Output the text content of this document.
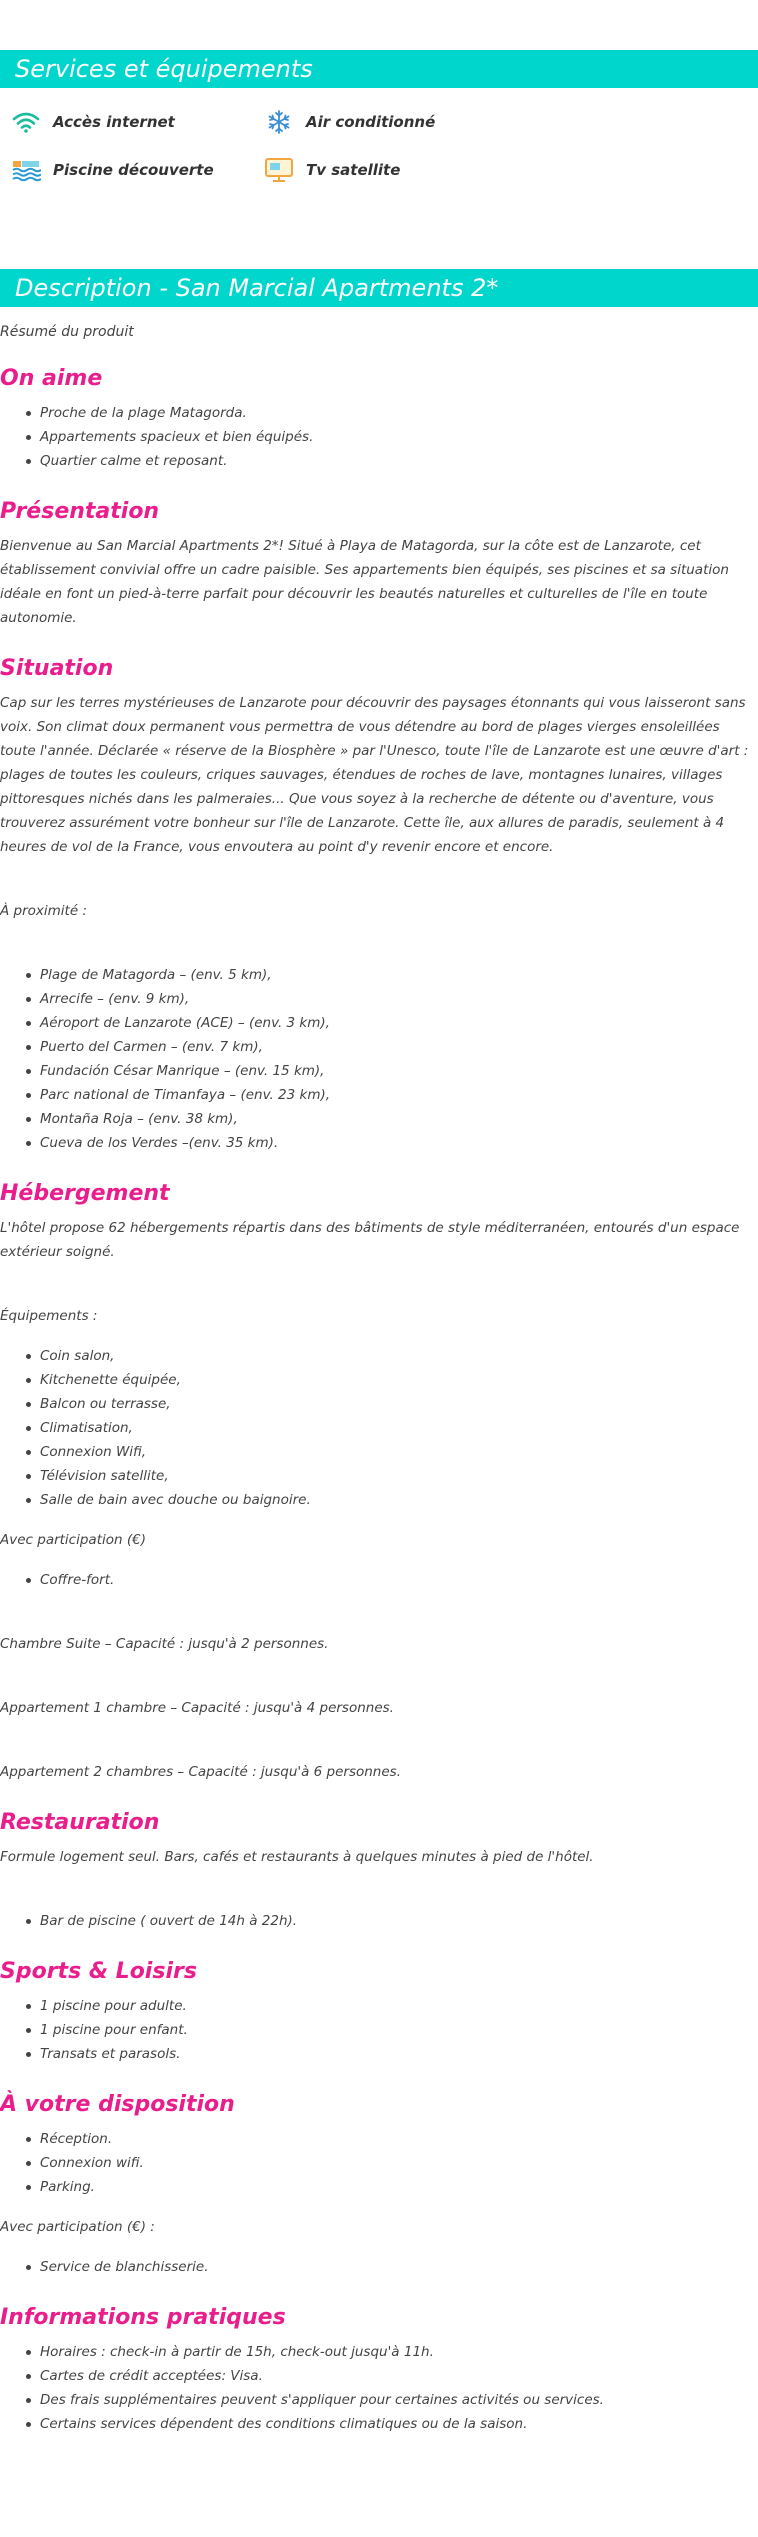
Services et équipements
Accès internet	Air conditionné
Piscine découverte	Tv satellite
Description - San Marcial Apartments 2*
Résumé du produit
On aime
Proche de la plage Matagorda.
Appartements spacieux et bien équipés.
Quartier calme et reposant.
Présentation

Bienvenue au San Marcial Apartments 2*! Situé à Playa de Matagorda, sur la côte est de Lanzarote, cet établissement convivial offre un cadre paisible. Ses appartements bien équipés, ses piscines et sa situation idéale en font un pied-à-terre parfait pour découvrir les beautés naturelles et culturelles de l'île en toute autonomie.

Situation

Cap sur les terres mystérieuses de Lanzarote pour découvrir des paysages étonnants qui vous laisseront sans voix. Son climat doux permanent vous permettra de vous détendre au bord de plages vierges ensoleillées toute l'année. Déclarée « réserve de la Biosphère » par l'Unesco, toute l'île de Lanzarote est une œuvre d'art : plages de toutes les couleurs, criques sauvages, étendues de roches de lave, montagnes lunaires, villages pittoresques nichés dans les palmeraies... Que vous soyez à la recherche de détente ou d'aventure, vous trouverez assurément votre bonheur sur l'île de Lanzarote. Cette île, aux allures de paradis, seulement à 4 heures de vol de la France, vous envoutera au point d'y revenir encore et encore.

À proximité :
Plage de Matagorda – (env. 5 km),
Arrecife – (env. 9 km),
Aéroport de Lanzarote (ACE) – (env. 3 km),
Puerto del Carmen – (env. 7 km),
Fundación César Manrique – (env. 15 km),
Parc national de Timanfaya – (env. 23 km),
Montaña Roja – (env. 38 km),
Cueva de los Verdes –(env. 35 km).
Hébergement

L'hôtel propose 62 hébergements répartis dans des bâtiments de style méditerranéen, entourés d'un espace extérieur soigné.

Équipements :
Coin salon,
Kitchenette équipée,
Balcon ou terrasse,
Climatisation,
Connexion Wifi,
Télévision satellite,
Salle de bain avec douche ou baignoire.
Avec participation (€)
Coffre-fort.
Chambre Suite – Capacité : jusqu'à 2 personnes.
Appartement 1 chambre – Capacité : jusqu'à 4 personnes.
Appartement 2 chambres – Capacité : jusqu'à 6 personnes.
Restauration

Formule logement seul. Bars, cafés et restaurants à quelques minutes à pied de l'hôtel.

Bar de piscine ( ouvert de 14h à 22h).
Sports & Loisirs
1 piscine pour adulte.
1 piscine pour enfant.
Transats et parasols.
À votre disposition
Réception.
Connexion wifi.
Parking.
Avec participation (€) :
Service de blanchisserie.
Informations pratiques
Horaires : check-in à partir de 15h, check-out jusqu'à 11h.
Cartes de crédit acceptées: Visa.
Des frais supplémentaires peuvent s'appliquer pour certaines activités ou services.
Certains services dépendent des conditions climatiques ou de la saison.
